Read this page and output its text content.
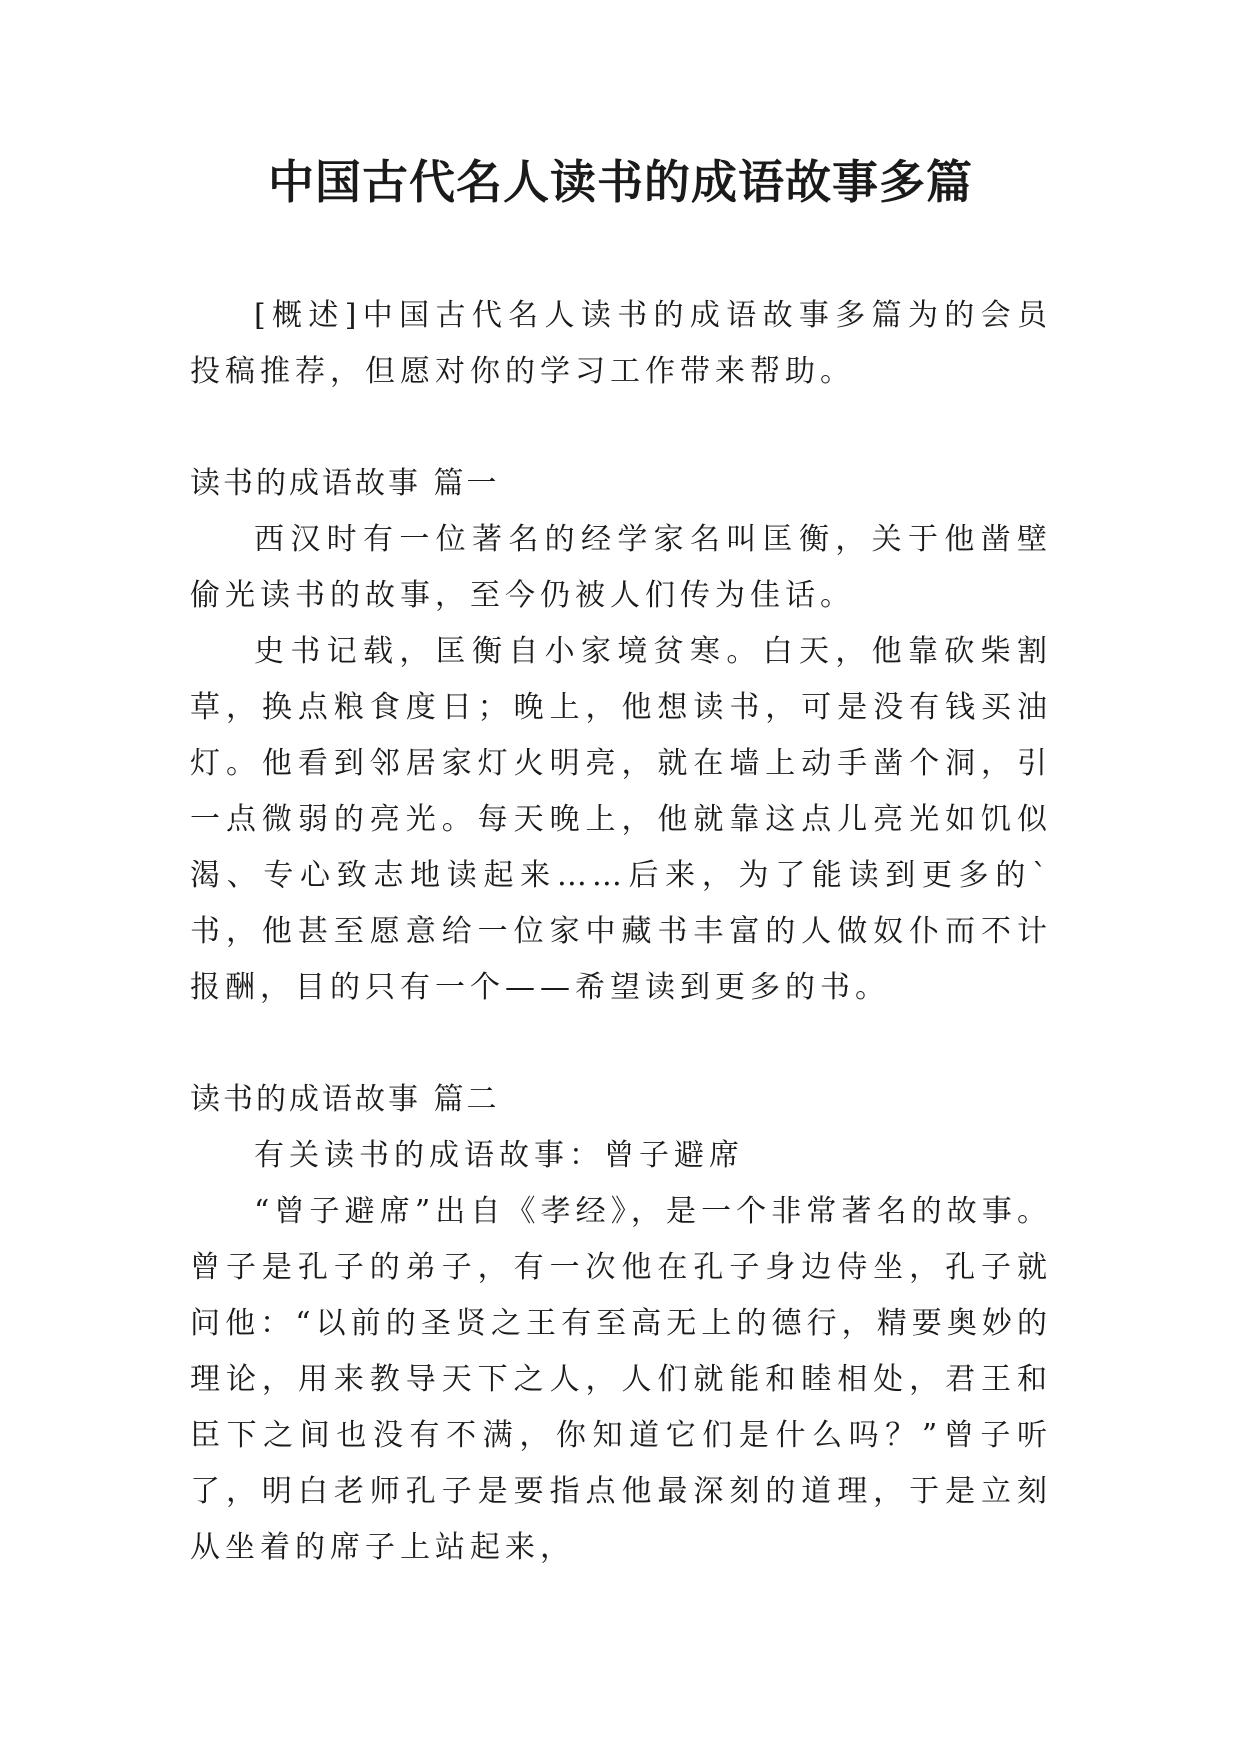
中国古代名人读书的成语故事多篇

[概述]中国古代名人读书的成语故事多篇为的会员投稿推荐，但愿对你的学习工作带来帮助。

读书的成语故事 篇一

西汉时有一位著名的经学家名叫匡衡，关于他凿壁偷光读书的故事，至今仍被人们传为佳话。

史书记载，匡衡自小家境贫寒。白天，他靠砍柴割草，换点粮食度日；晚上，他想读书，可是没有钱买油灯。他看到邻居家灯火明亮，就在墙上动手凿个洞，引一点微弱的亮光。每天晚上，他就靠这点儿亮光如饥似渴、专心致志地读起来……后来，为了能读到更多的`书，他甚至愿意给一位家中藏书丰富的人做奴仆而不计报酬，目的只有一个——希望读到更多的书。

读书的成语故事 篇二

有关读书的成语故事：曾子避席

“曾子避席”出自《孝经》，是一个非常著名的故事。曾子是孔子的弟子，有一次他在孔子身边侍坐，孔子就问他：“以前的圣贤之王有至高无上的德行，精要奥妙的理论，用来教导天下之人，人们就能和睦相处，君王和臣下之间也没有不满，你知道它们是什么吗？”曾子听了，明白老师孔子是要指点他最深刻的道理，于是立刻从坐着的席子上站起来，
